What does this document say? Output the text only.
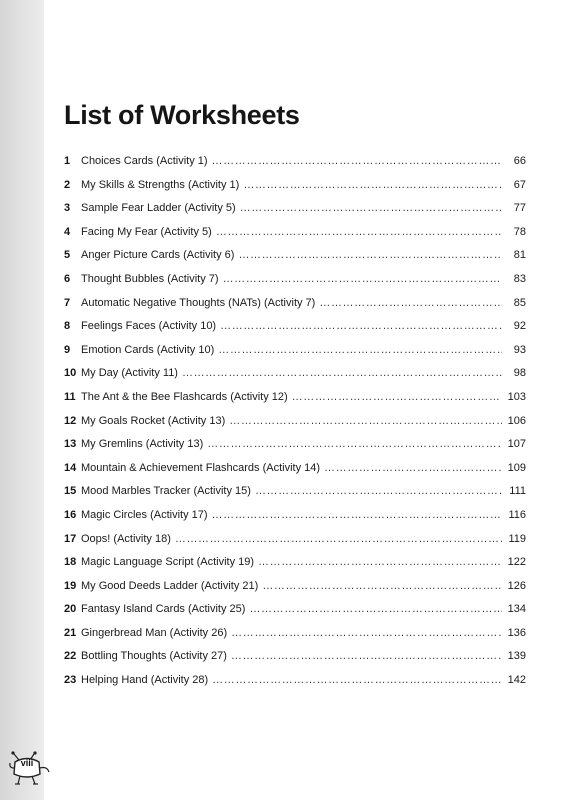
List of Worksheets
1 Choices Cards (Activity 1) …………………………………………………………………………………………………………………………………………………………………………………………	66
2 My Skills & Strengths (Activity 1) …………………………………………………………………………………………………………………………………………………………………………………………	67
3 Sample Fear Ladder (Activity 5) …………………………………………………………………………………………………………………………………………………………………………………………	77
4 Facing My Fear (Activity 5) …………………………………………………………………………………………………………………………………………………………………………………………	78
5 Anger Picture Cards (Activity 6) …………………………………………………………………………………………………………………………………………………………………………………………	81
6 Thought Bubbles (Activity 7) …………………………………………………………………………………………………………………………………………………………………………………………	83
7 Automatic Negative Thoughts (NATs) (Activity 7) …………………………………………………………………………………………………………………………………………………………………………………………	85
8 Feelings Faces (Activity 10) …………………………………………………………………………………………………………………………………………………………………………………………	92
9 Emotion Cards (Activity 10) …………………………………………………………………………………………………………………………………………………………………………………………	93
10 My Day (Activity 11) …………………………………………………………………………………………………………………………………………………………………………………………	98
11 The Ant & the Bee Flashcards (Activity 12) …………………………………………………………………………………………………………………………………………………………………………………………	103
12 My Goals Rocket (Activity 13) …………………………………………………………………………………………………………………………………………………………………………………………	106
13 My Gremlins (Activity 13) …………………………………………………………………………………………………………………………………………………………………………………………	107
14 Mountain & Achievement Flashcards (Activity 14) …………………………………………………………………………………………………………………………………………………………………………………………	109
15 Mood Marbles Tracker (Activity 15) …………………………………………………………………………………………………………………………………………………………………………………………	111
16 Magic Circles (Activity 17) …………………………………………………………………………………………………………………………………………………………………………………………	116
17 Oops! (Activity 18) …………………………………………………………………………………………………………………………………………………………………………………………	119
18 Magic Language Script (Activity 19) …………………………………………………………………………………………………………………………………………………………………………………………	122
19 My Good Deeds Ladder (Activity 21) …………………………………………………………………………………………………………………………………………………………………………………………	126
20 Fantasy Island Cards (Activity 25) …………………………………………………………………………………………………………………………………………………………………………………………	134
21 Gingerbread Man (Activity 26) …………………………………………………………………………………………………………………………………………………………………………………………	136
22 Bottling Thoughts (Activity 27) …………………………………………………………………………………………………………………………………………………………………………………………	139
23 Helping Hand (Activity 28) …………………………………………………………………………………………………………………………………………………………………………………………	142
viii
